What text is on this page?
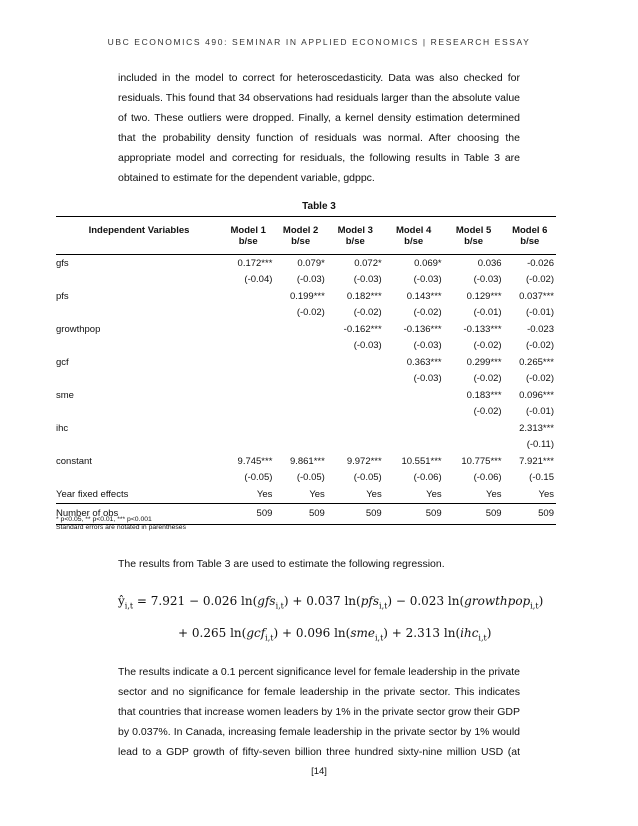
UBC ECONOMICS 490: SEMINAR IN APPLIED ECONOMICS | RESEARCH ESSAY
included in the model to correct for heteroscedasticity. Data was also checked for
residuals. This found that 34 observations had residuals larger than the absolute value
of two. These outliers were dropped. Finally, a kernel density estimation determined
that the probability density function of residuals was normal. After choosing the
appropriate model and correcting for residuals, the following results in Table 3 are
obtained to estimate for the dependent variable, gdppc.
Table 3
Independent Variables	Model 1	Model 2	Model 3	Model 4	Model 5	Model 6
	b/se	b/se	b/se	b/se	b/se	b/se
gfs	0.172***	0.079*	0.072*	0.069*	0.036	-0.026
	(-0.04)	(-0.03)	(-0.03)	(-0.03)	(-0.03)	(-0.02)
pfs		0.199***	0.182***	0.143***	0.129***	0.037***
		(-0.02)	(-0.02)	(-0.02)	(-0.01)	(-0.01)
growthpop			-0.162***	-0.136***	-0.133***	-0.023
			(-0.03)	(-0.03)	(-0.02)	(-0.02)
gcf				0.363***	0.299***	0.265***
				(-0.03)	(-0.02)	(-0.02)
sme					0.183***	0.096***
					(-0.02)	(-0.01)
ihc						2.313***
						(-0.11)
constant	9.745***	9.861***	9.972***	10.551***	10.775***	7.921***
	(-0.05)	(-0.05)	(-0.05)	(-0.06)	(-0.06)	(-0.15
Year fixed effects	Yes	Yes	Yes	Yes	Yes	Yes
Number of obs	509	509	509	509	509	509
* p<0.05, ** p<0.01, *** p<0.001
Standard errors are notated in parentheses
The results from Table 3 are used to estimate the following regression.
$ŷ_{i,t} = 7.921 - 0.026$ ln(gfs$_{i,t}$) + 0.037 ln(pfs$_{i,t}$) − 0.023 ln(growthpop$_{i,t}$)
+ 0.265 ln(gcf$_{i,t}$) + 0.096 ln(sme$_{i,t}$) + 2.313 ln(ihc$_{i,t}$)
The results indicate a 0.1 percent significance level for female leadership in the private
sector and no significance for female leadership in the private sector. This indicates
that countries that increase women leaders by 1% in the private sector grow their GDP
by 0.037%. In Canada, increasing female leadership in the private sector by 1% would
lead to a GDP growth of fifty-seven billion three hundred sixty-nine million USD (at
[14]
